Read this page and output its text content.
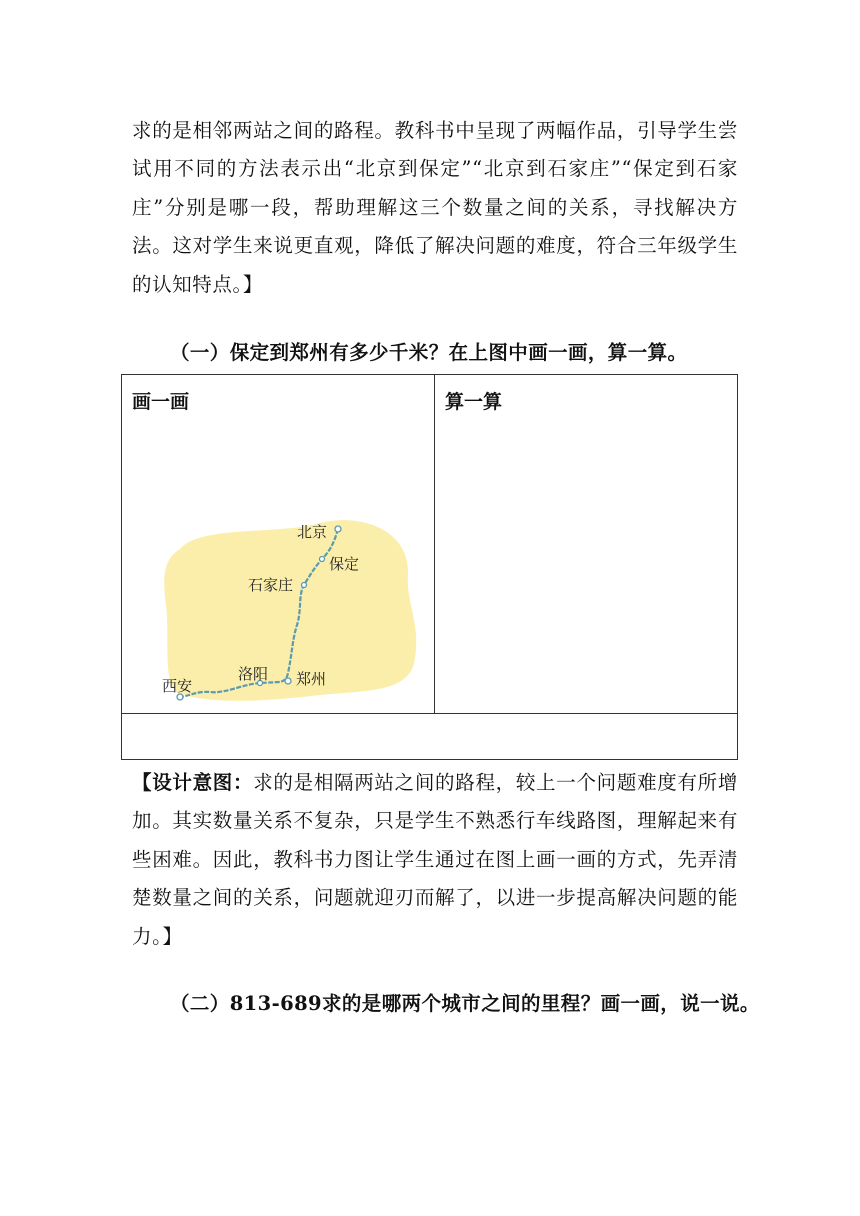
求的是相邻两站之间的路程。教科书中呈现了两幅作品，引导学生尝试用不同的方法表示出“北京到保定”“北京到石家庄”“保定到石家庄”分别是哪一段，帮助理解这三个数量之间的关系，寻找解决方法。这对学生来说更直观，降低了解决问题的难度，符合三年级学生的认知特点。】

（一）保定到郑州有多少千米？在上图中画一画，算一算。

画一画	算一算

北京
保定
石家庄
郑州
洛阳
西安

【设计意图：求的是相隔两站之间的路程，较上一个问题难度有所增加。其实数量关系不复杂，只是学生不熟悉行车线路图，理解起来有些困难。因此，教科书力图让学生通过在图上画一画的方式，先弄清楚数量之间的关系，问题就迎刃而解了，以进一步提高解决问题的能力。】

（二）813-689求的是哪两个城市之间的里程？画一画，说一说。
